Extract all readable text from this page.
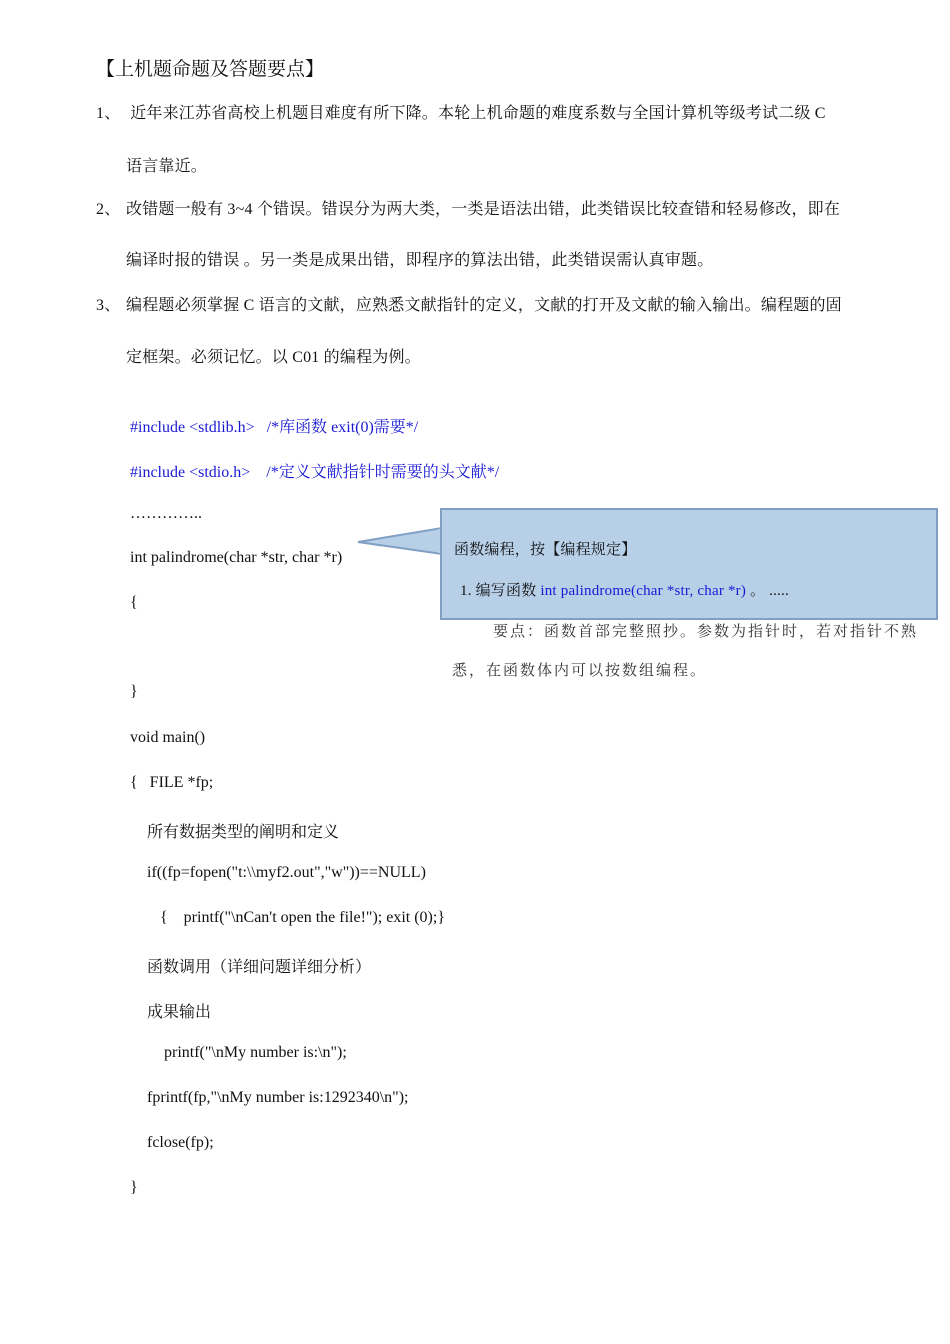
【上机题命题及答题要点】
1、 近年来江苏省高校上机题目难度有所下降。本轮上机命题的难度系数与全国计算机等级考试二级 C
语言靠近。
2、 改错题一般有 3~4 个错误。错误分为两大类，一类是语法出错，此类错误比较查错和轻易修改，即在
编译时报的错误 。另一类是成果出错，即程序的算法出错，此类错误需认真审题。
3、 编程题必须掌握 C 语言的文献，应熟悉文献指针的定义，文献的打开及文献的输入输出。编程题的固
定框架。必须记忆。以 C01 的编程为例。
#include <stdlib.h>   /*库函数 exit(0)需要*/
#include <stdio.h>    /*定义文献指针时需要的头文献*/
…………..
int palindrome(char *str, char *r)
{
}
void main()
{   FILE *fp;
所有数据类型的阐明和定义
if((fp=fopen("t:\\myf2.out","w"))==NULL)
{    printf("\nCan't open the file!"); exit (0);}
函数调用（详细问题详细分析）
成果输出
printf("\nMy number is:\n");
fprintf(fp,"\nMy number is:1292340\n");
fclose(fp);
}
函数编程，按【编程规定】
1. 编写函数 int palindrome(char *str, char *r) 。 .....
要点：函数首部完整照抄。参数为指针时，若对指针不熟
悉，在函数体内可以按数组编程。
